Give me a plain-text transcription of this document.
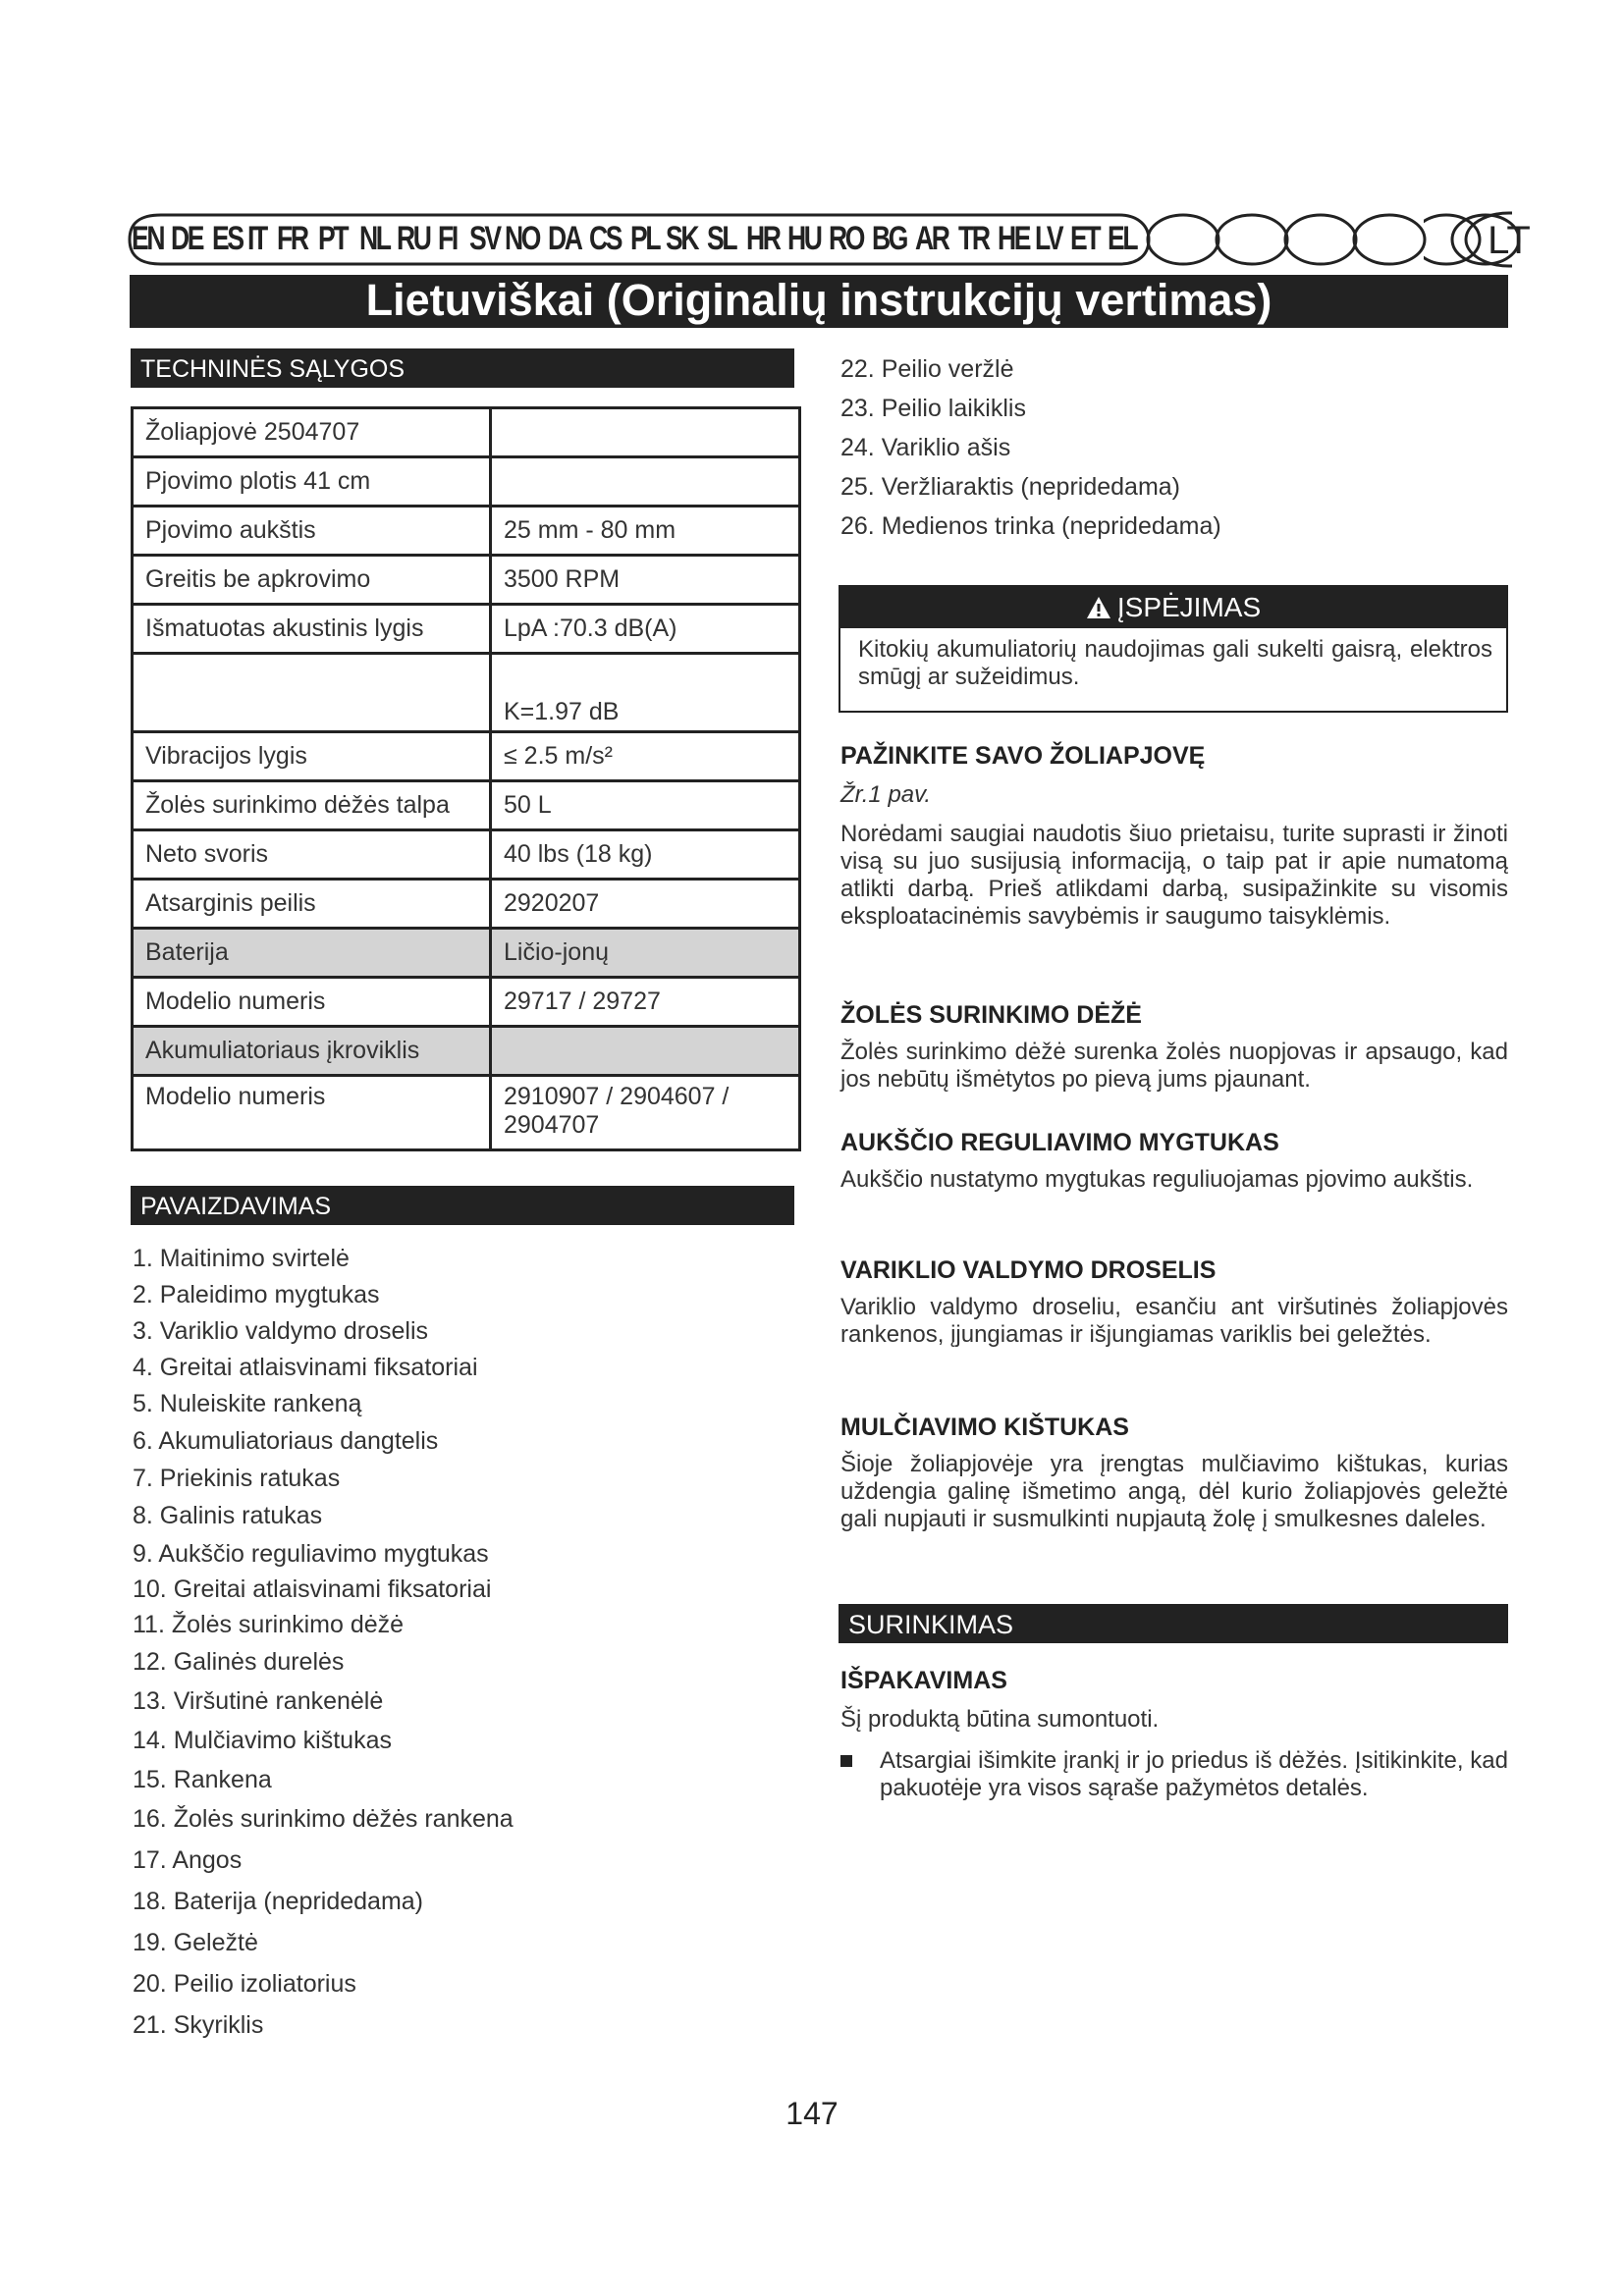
EN DE ES IT FR PT NL RU FI SV NO DA CS PL SK SL HR HU RO BG AR TR HE LV ET EL	LT
Lietuviškai (Originalių instrukcijų vertimas)
TECHNINĖS SĄLYGOS
Žoliapjovė 2504707	
Pjovimo plotis 41 cm	
Pjovimo aukštis	25 mm - 80 mm
Greitis be apkrovimo	3500 RPM
Išmatuotas akustinis lygis	LpA :70.3 dB(A)
	K=1.97 dB
Vibracijos lygis	≤ 2.5 m/s²
Žolės surinkimo dėžės talpa	50 L
Neto svoris	40 lbs (18 kg)
Atsarginis peilis	2920207
Baterija	Ličio-jonų
Modelio numeris	29717 / 29727
Akumuliatoriaus įkroviklis	
Modelio numeris	2910907 / 2904607 / 2904707
PAVAIZDAVIMAS
1. Maitinimo svirtelė
2. Paleidimo mygtukas
3. Variklio valdymo droselis
4. Greitai atlaisvinami fiksatoriai
5. Nuleiskite rankeną
6. Akumuliatoriaus dangtelis
7. Priekinis ratukas
8. Galinis ratukas
9. Aukščio reguliavimo mygtukas
10. Greitai atlaisvinami fiksatoriai
11. Žolės surinkimo dėžė
12. Galinės durelės
13. Viršutinė rankenėlė
14. Mulčiavimo kištukas
15. Rankena
16. Žolės surinkimo dėžės rankena
17. Angos
18. Baterija (nepridedama)
19. Geležtė
20. Peilio izoliatorius
21. Skyriklis
22. Peilio veržlė
23. Peilio laikiklis
24. Variklio ašis
25. Veržliaraktis (nepridedama)
26. Medienos trinka (nepridedama)
ĮSPĖJIMAS
Kitokių akumuliatorių naudojimas gali sukelti gaisrą, elektros smūgį ar sužeidimus.
PAŽINKITE SAVO ŽOLIAPJOVĘ
Žr.1 pav.
Norėdami saugiai naudotis šiuo prietaisu, turite suprasti ir žinoti visą su juo susijusią informaciją, o taip pat ir apie numatomą atlikti darbą. Prieš atlikdami darbą, susipažinkite su visomis eksploatacinėmis savybėmis ir saugumo taisyklėmis.
ŽOLĖS SURINKIMO DĖŽĖ
Žolės surinkimo dėžė surenka žolės nuopjovas ir apsaugo, kad jos nebūtų išmėtytos po pievą jums pjaunant.
AUKŠČIO REGULIAVIMO MYGTUKAS
Aukščio nustatymo mygtukas reguliuojamas pjovimo aukštis.
VARIKLIO VALDYMO DROSELIS
Variklio valdymo droseliu, esančiu ant viršutinės žoliapjovės rankenos, įjungiamas ir išjungiamas variklis bei geležtės.
MULČIAVIMO KIŠTUKAS
Šioje žoliapjovėje yra įrengtas mulčiavimo kištukas, kurias uždengia galinę išmetimo angą, dėl kurio žoliapjovės geležtė gali nupjauti ir susmulkinti nupjautą žolę į smulkesnes daleles.
SURINKIMAS
IŠPAKAVIMAS
Šį produktą būtina sumontuoti.
Atsargiai išimkite įrankį ir jo priedus iš dėžės. Įsitikinkite, kad pakuotėje yra visos sąraše pažymėtos detalės.
147
